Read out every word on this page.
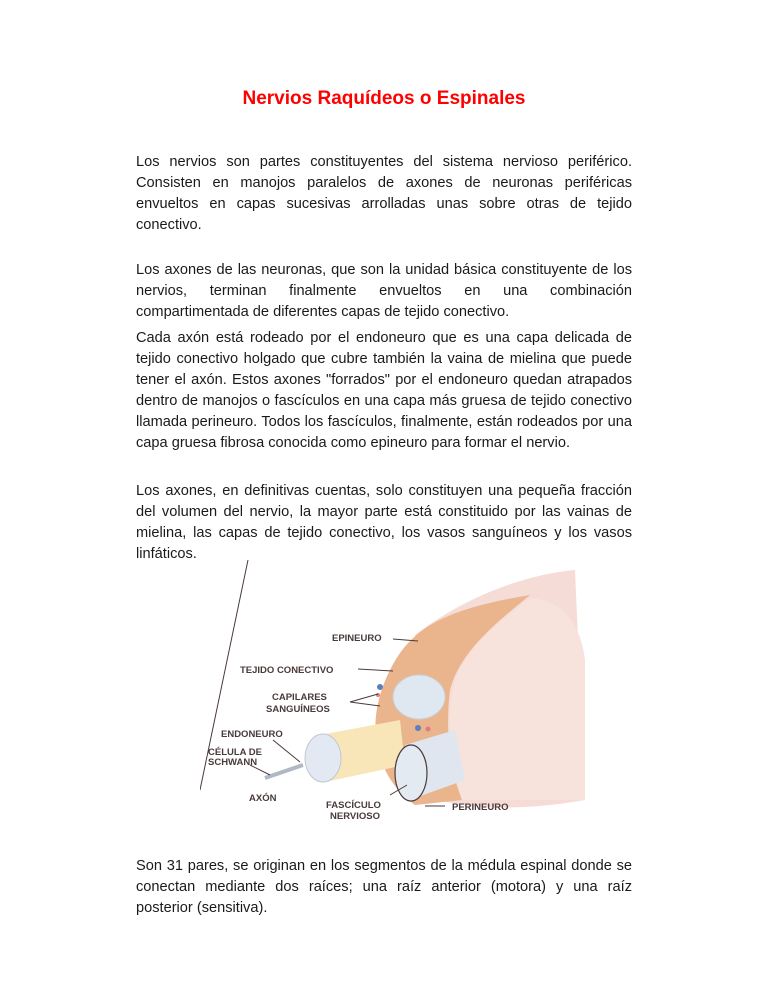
Nervios Raquídeos o Espinales

Los nervios son partes constituyentes del sistema nervioso periférico. Consisten en manojos paralelos de axones de neuronas periféricas envueltos en capas sucesivas arrolladas unas sobre otras de tejido conectivo.

Los axones de las neuronas, que son la unidad básica constituyente de los nervios, terminan finalmente envueltos en una combinación compartimentada de diferentes capas de tejido conectivo.

Cada axón está rodeado por el endoneuro que es una capa delicada de tejido conectivo holgado que cubre también la vaina de mielina que puede tener el axón. Estos axones "forrados" por el endoneuro quedan atrapados dentro de manojos o fascículos en una capa más gruesa de tejido conectivo llamada perineuro. Todos los fascículos, finalmente, están rodeados por una capa gruesa fibrosa conocida como epineuro para formar el nervio.

Los axones, en definitivas cuentas, solo constituyen una pequeña fracción del volumen del nervio, la mayor parte está constituido por las vainas de mielina, las capas de tejido conectivo, los vasos sanguíneos y los vasos linfáticos.

EPINEURO
TEJIDO CONECTIVO
CAPILARES
SANGUÍNEOS
ENDONEURO
CÉLULA DE
SCHWANN
AXÓN
FASCÍCULO
NERVIOSO
PERINEURO

Son 31 pares, se originan en los segmentos de la médula espinal donde se conectan mediante dos raíces; una raíz anterior (motora) y una raíz posterior (sensitiva).
